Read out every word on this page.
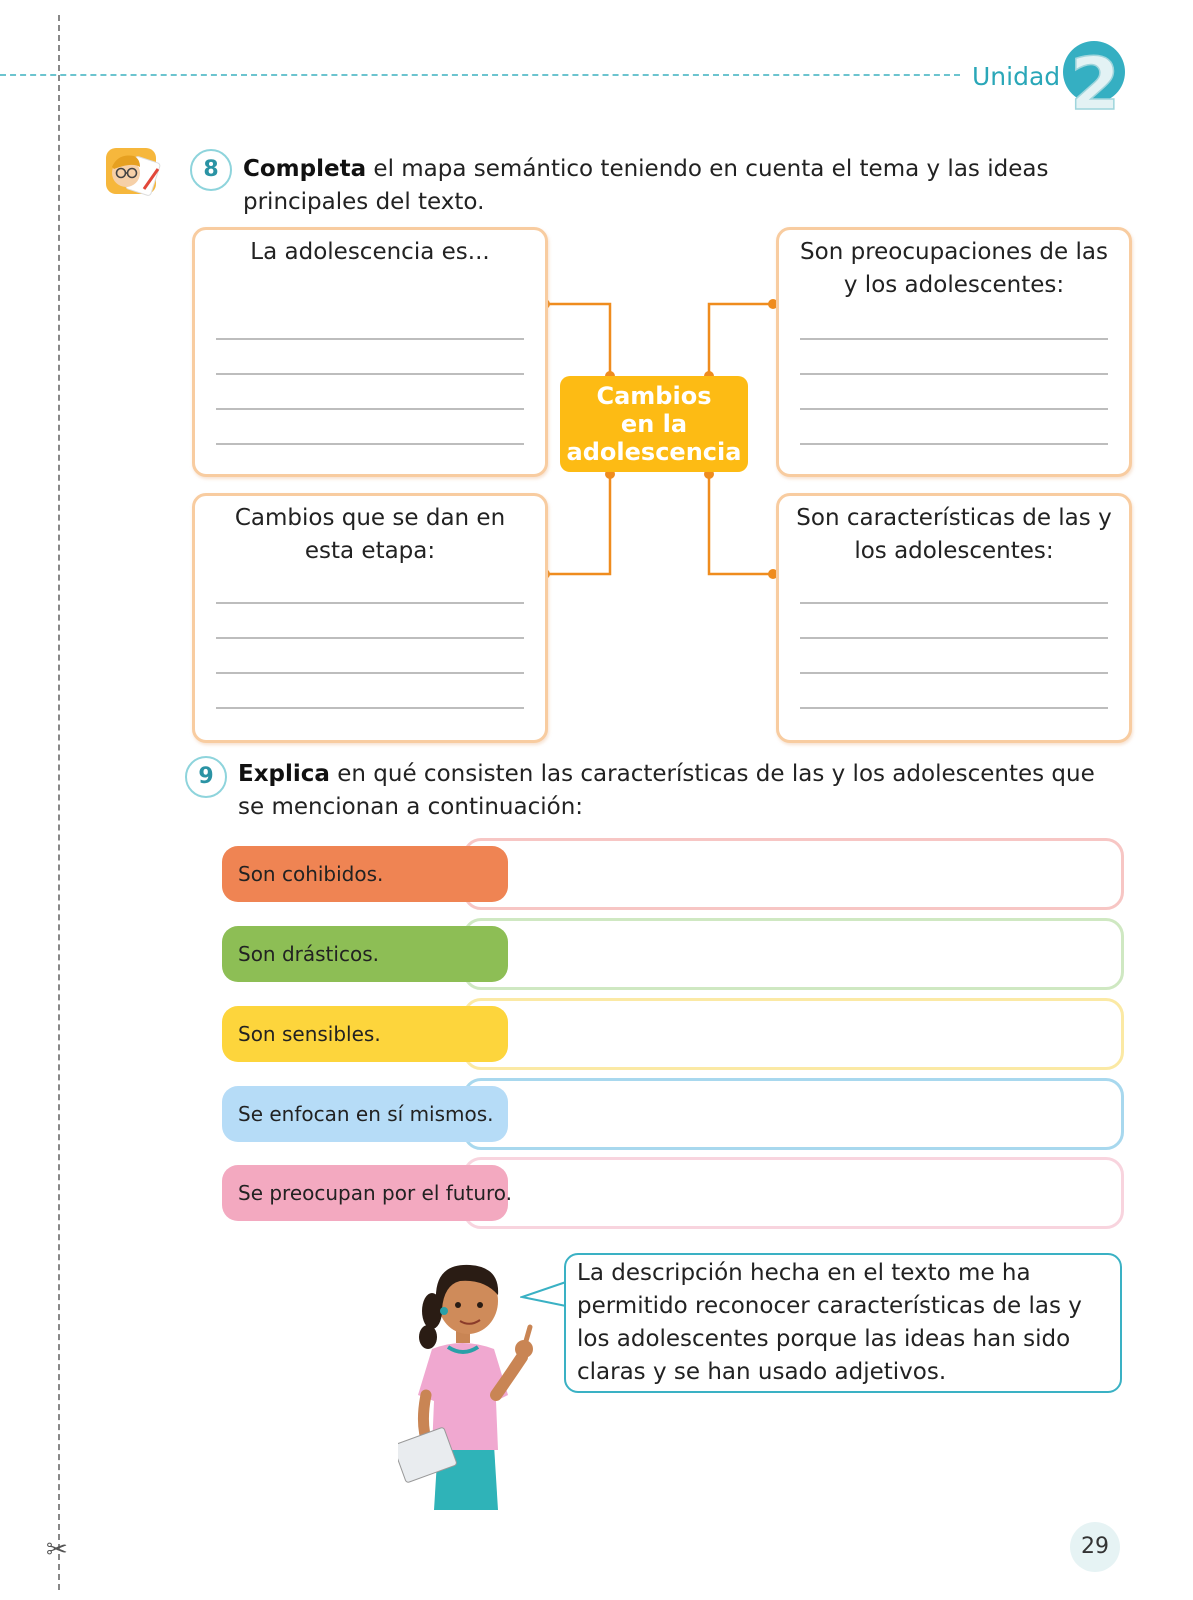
✂
Unidad 2
8	Completa el mapa semántico teniendo en cuenta el tema y las ideas principales del texto.
La adolescencia es...	Son preocupaciones de las y los adolescentes:
Cambios que se dan en esta etapa:
Son características de las y los adolescentes:
Cambios
en la
adolescencia
9	Explica en qué consisten las características de las y los adolescentes que se mencionan a continuación:
Son cohibidos.
Son drásticos.
Son sensibles.
Se enfocan en sí mismos.
Se preocupan por el futuro.
La descripción hecha en el texto me ha permitido reconocer características de las y los adolescentes porque las ideas han sido claras y se han usado adjetivos.
29
